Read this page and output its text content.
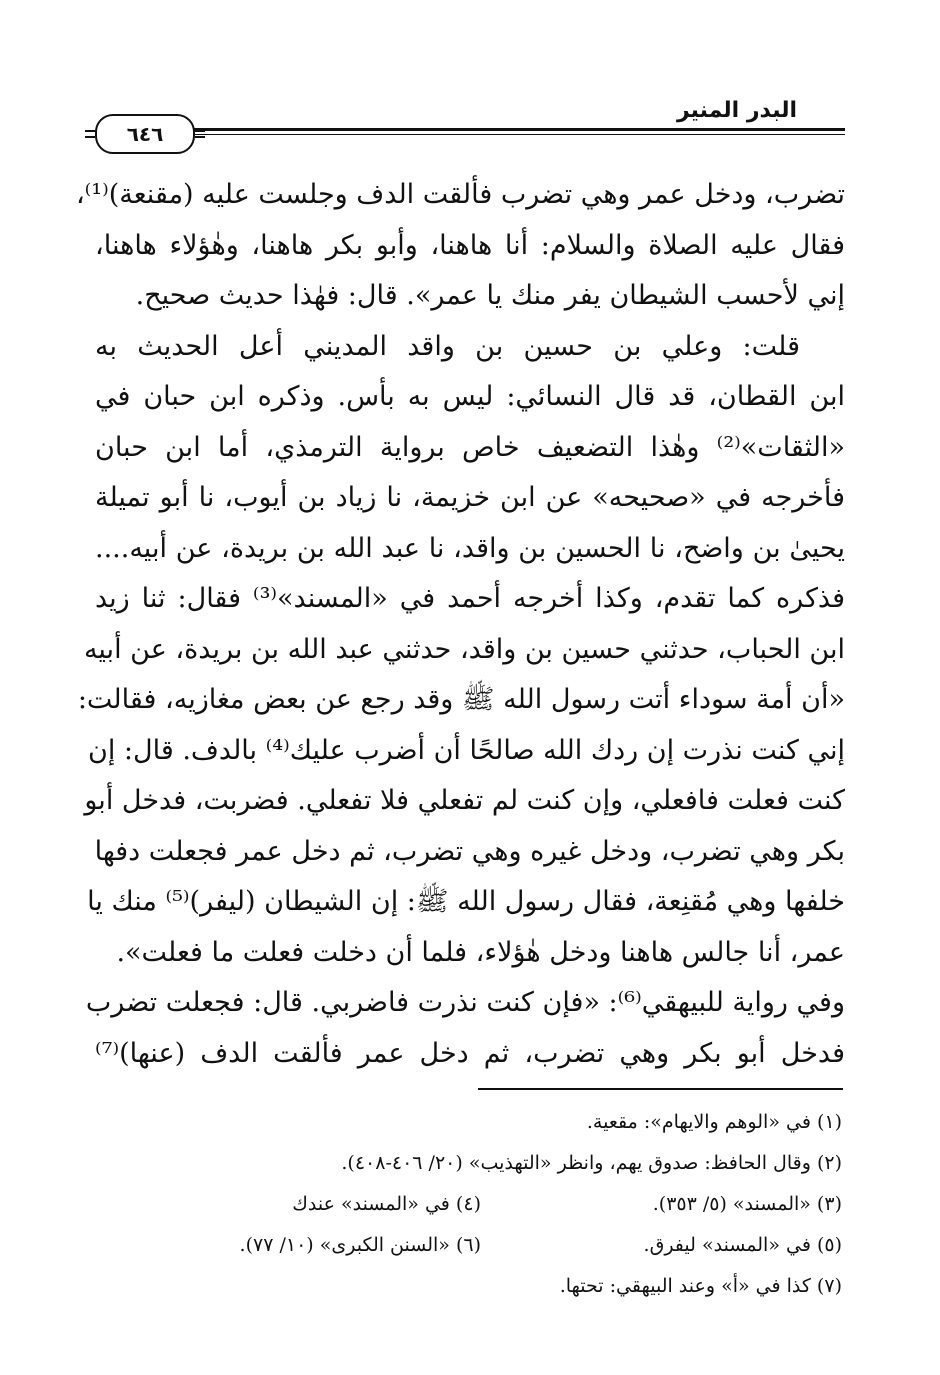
البدر المنير
٦٤٦
تضرب، ودخل عمر وهي تضرب فألقت الدف وجلست عليه (مقنعة)⁽¹⁾،
فقال عليه الصلاة والسلام: أنا هاهنا، وأبو بكر هاهنا، وهٰؤلاء هاهنا،
إني لأحسب الشيطان يفر منك يا عمر». قال: فهٰذا حديث صحيح.
قلت: وعلي بن حسين بن واقد المديني أعل الحديث به
ابن القطان، قد قال النسائي: ليس به بأس. وذكره ابن حبان في
«الثقات»⁽²⁾ وهٰذا التضعيف خاص برواية الترمذي، أما ابن حبان
فأخرجه في «صحيحه» عن ابن خزيمة، نا زياد بن أيوب، نا أبو تميلة
يحيىٰ بن واضح، نا الحسين بن واقد، نا عبد الله بن بريدة، عن أبيه....
فذكره كما تقدم، وكذا أخرجه أحمد في «المسند»⁽³⁾ فقال: ثنا زيد
ابن الحباب، حدثني حسين بن واقد، حدثني عبد الله بن بريدة، عن أبيه
«أن أمة سوداء أتت رسول الله ﷺ وقد رجع عن بعض مغازيه، فقالت:
إني كنت نذرت إن ردك الله صالحًا أن أضرب عليك⁽⁴⁾ بالدف. قال: إن
كنت فعلت فافعلي، وإن كنت لم تفعلي فلا تفعلي. فضربت، فدخل أبو
بكر وهي تضرب، ودخل غيره وهي تضرب، ثم دخل عمر فجعلت دفها
خلفها وهي مُقنِعة، فقال رسول الله ﷺ: إن الشيطان (ليفر)⁽⁵⁾ منك يا
عمر، أنا جالس هاهنا ودخل هٰؤلاء، فلما أن دخلت فعلت ما فعلت».
وفي رواية للبيهقي⁽⁶⁾: «فإن كنت نذرت فاضربي. قال: فجعلت تضرب
فدخل أبو بكر وهي تضرب، ثم دخل عمر فألقت الدف (عنها)⁽⁷⁾
(١) في «الوهم والايهام»: مقعية.
(٢) وقال الحافظ: صدوق يهم، وانظر «التهذيب» (٢٠/ ٤٠٦-٤٠٨).
(٣) «المسند» (٥/ ٣٥٣).
(٤) في «المسند» عندك
(٥) في «المسند» ليفرق.
(٦) «السنن الكبرى» (١٠/ ٧٧).
(٧) كذا في «أ» وعند البيهقي: تحتها.
